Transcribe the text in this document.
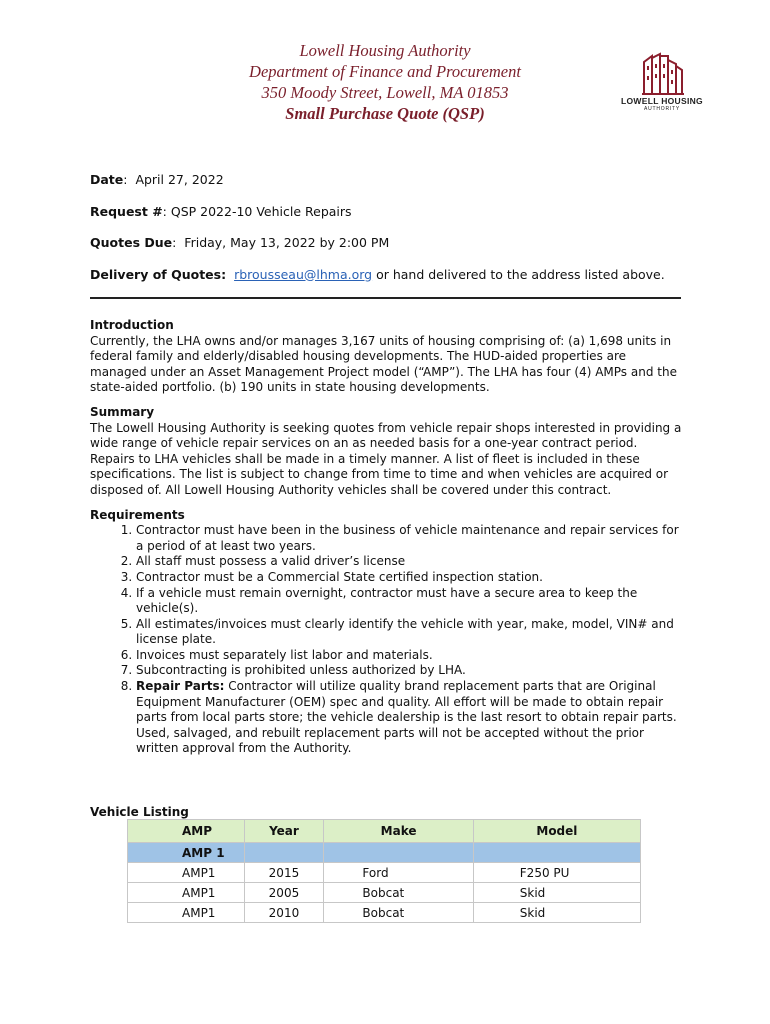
Lowell Housing Authority
Department of Finance and Procurement
350 Moody Street, Lowell, MA 01853
Small Purchase Quote (QSP)
LOWELL HOUSING
AUTHORITY
Date:  April 27, 2022
Request #: QSP 2022-10 Vehicle Repairs
Quotes Due:  Friday, May 13, 2022 by 2:00 PM
Delivery of Quotes: rbrousseau@lhma.org or hand delivered to the address listed above.
Introduction
Currently, the LHA owns and/or manages 3,167 units of housing comprising of: (a) 1,698 units in federal family and elderly/disabled housing developments. The HUD-aided properties are managed under an Asset Management Project model (“AMP”). The LHA has four (4) AMPs and the state-aided portfolio. (b) 190 units in state housing developments.
Summary
The Lowell Housing Authority is seeking quotes from vehicle repair shops interested in providing a wide range of vehicle repair services on an as needed basis for a one-year contract period. Repairs to LHA vehicles shall be made in a timely manner. A list of fleet is included in these specifications. The list is subject to change from time to time and when vehicles are acquired or disposed of. All Lowell Housing Authority vehicles shall be covered under this contract.
Requirements
1. Contractor must have been in the business of vehicle maintenance and repair services for a period of at least two years.
2. All staff must possess a valid driver’s license
3. Contractor must be a Commercial State certified inspection station.
4. If a vehicle must remain overnight, contractor must have a secure area to keep the vehicle(s).
5. All estimates/invoices must clearly identify the vehicle with year, make, model, VIN# and license plate.
6. Invoices must separately list labor and materials.
7. Subcontracting is prohibited unless authorized by LHA.
8. Repair Parts: Contractor will utilize quality brand replacement parts that are Original Equipment Manufacturer (OEM) spec and quality. All effort will be made to obtain repair parts from local parts store; the vehicle dealership is the last resort to obtain repair parts. Used, salvaged, and rebuilt replacement parts will not be accepted without the prior written approval from the Authority.
Vehicle Listing
AMP	Year	Make	Model
AMP 1			
AMP1	2015	Ford	F250 PU
AMP1	2005	Bobcat	Skid
AMP1	2010	Bobcat	Skid
